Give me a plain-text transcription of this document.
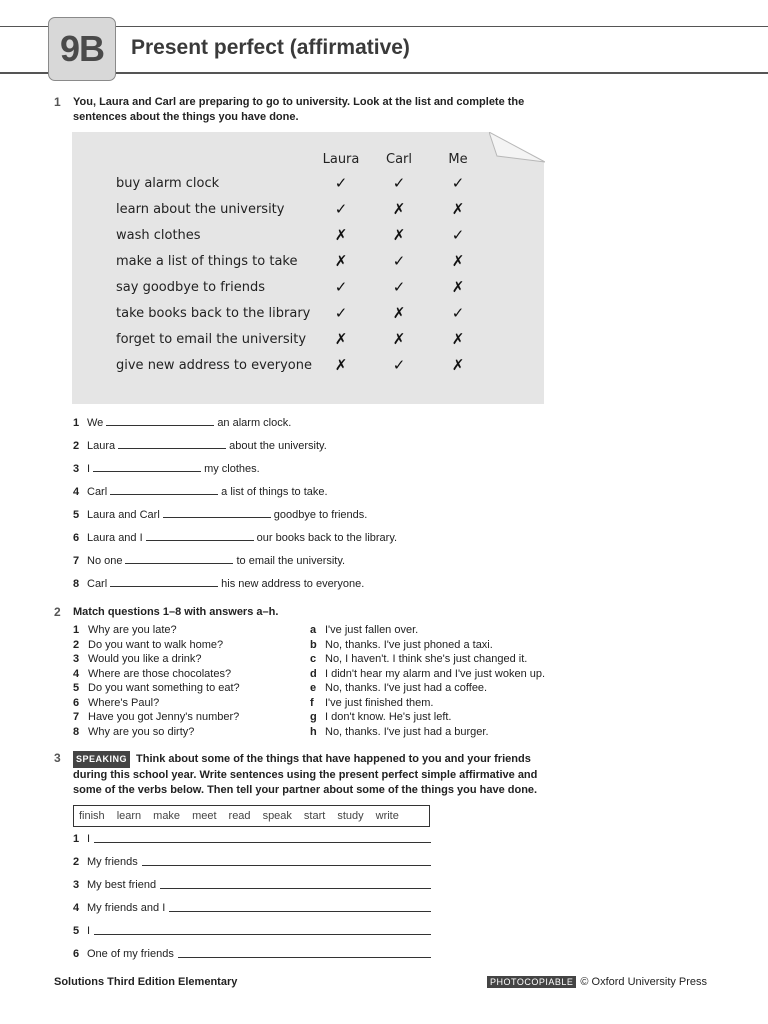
9B	Present perfect (affirmative)
1 You, Laura and Carl are preparing to go to university. Look at the list and complete the sentences about the things you have done.
Laura	Carl	Me
buy alarm clock	✓	✓	✓
learn about the university	✓	✗	✗
wash clothes	✗	✗	✓
make a list of things to take	✗	✓	✗
say goodbye to friends	✓	✓	✗
take books back to the library	✓	✗	✓
forget to email the university	✗	✗	✗
give new address to everyone	✗	✓	✗
1 We	an alarm clock.
2 Laura	about the university.
3 I	my clothes.
4 Carl	a list of things to take.
5 Laura and Carl	goodbye to friends.
6 Laura and I	our books back to the library.
7 No one	to email the university.
8 Carl	his new address to everyone.
2 Match questions 1–8 with answers a–h.
1 Why are you late?
2 Do you want to walk home?
3 Would you like a drink?
4 Where are those chocolates?
5 Do you want something to eat?
6 Where's Paul?
7 Have you got Jenny's number?
8 Why are you so dirty?
a I've just fallen over.
b No, thanks. I've just phoned a taxi.
c No, I haven't. I think she's just changed it.
d I didn't hear my alarm and I've just woken up.
e No, thanks. I've just had a coffee.
f I've just finished them.
g I don't know. He's just left.
h No, thanks. I've just had a burger.
3	SPEAKING Think about some of the things that have happened to you and your friends during this school year. Write sentences using the present perfect simple affirmative and some of the verbs below. Then tell your partner about some of the things you have done.
finish learn make meet read speak start study write
1 I
2 My friends
3 My best friend
4 My friends and I
5 I
6 One of my friends
Solutions Third Edition Elementary	PHOTOCOPIABLE © Oxford University Press
